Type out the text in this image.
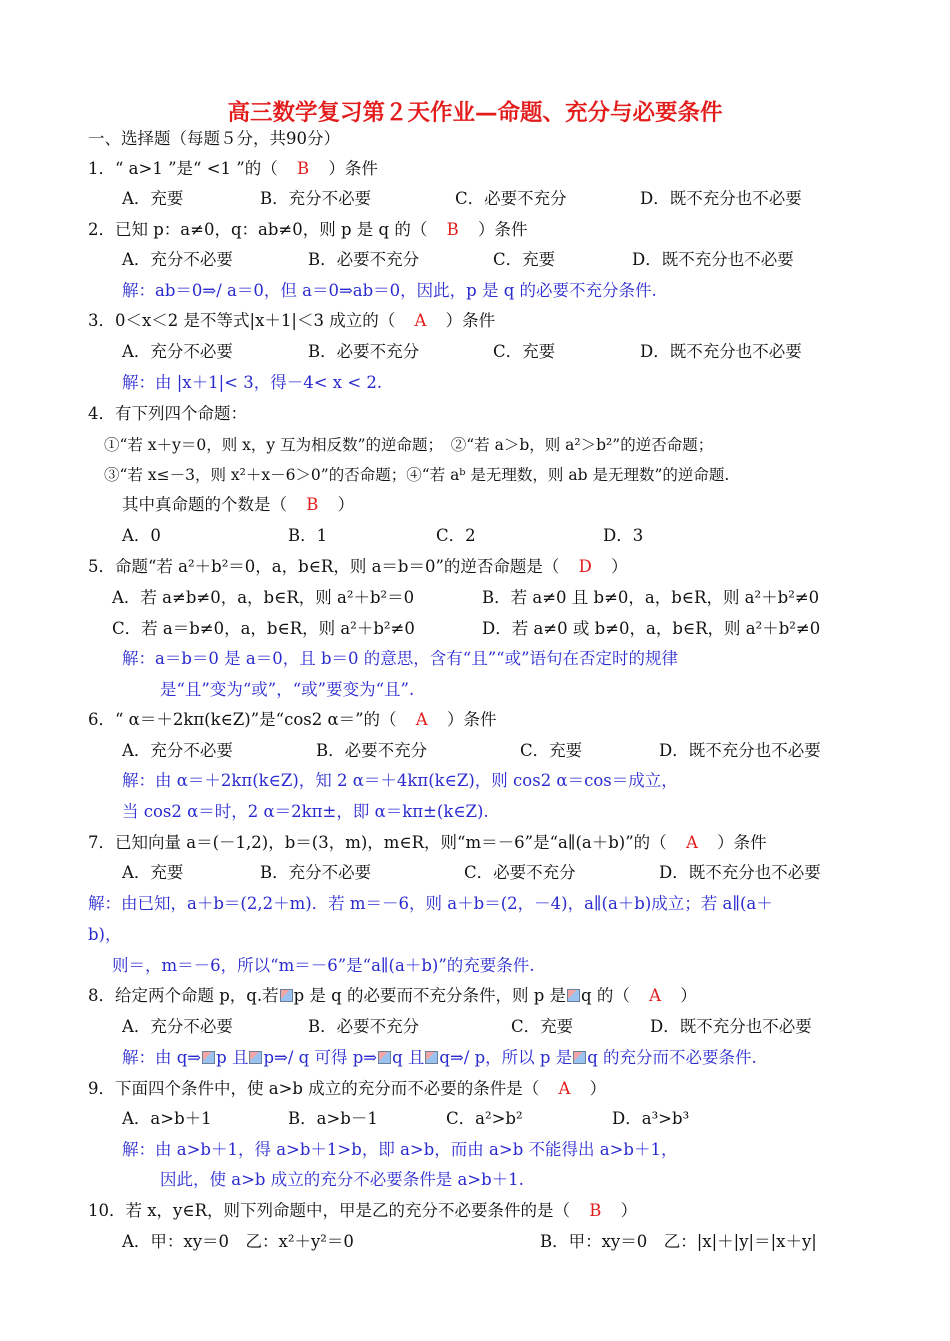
高三数学复习第２天作业—命题、充分与必要条件
一、选择题（每题５分，共90分）
1．“ a>1 ”是“ <1 ”的（ B ）条件
A．充要	B．充分不必要	C．必要不充分	D．既不充分也不必要
2．已知 p：a≠0，q：ab≠0，则 p 是 q 的（ B ）条件
A．充分不必要	B．必要不充分	C．充要	D．既不充分也不必要
解：ab＝0⇒/ a＝0，但 a＝0⇒ab＝0，因此，p 是 q 的必要不充分条件.
3．0＜x＜2 是不等式|x＋1|＜3 成立的（ A ）条件
A．充分不必要	B．必要不充分	C．充要	D．既不充分也不必要
解：由 |x＋1|< 3，得－4< x < 2.
4．有下列四个命题：
①“若 x＋y＝0，则 x，y 互为相反数”的逆命题；　②“若 a＞b，则 a²＞b²”的逆否命题；
③“若 x≤－3，则 x²＋x－6＞0”的否命题；④“若 aᵇ 是无理数，则 ab 是无理数”的逆命题.
其中真命题的个数是（ B ）
A．0	B．1	C．2	D．3
5．命题“若 a²＋b²＝0，a，b∈R，则 a＝b＝0”的逆否命题是（ D ）
A．若 a≠b≠0，a，b∈R，则 a²＋b²＝0	B．若 a≠0 且 b≠0，a，b∈R，则 a²＋b²≠0
C．若 a＝b≠0，a，b∈R，则 a²＋b²≠0	D．若 a≠0 或 b≠0，a，b∈R，则 a²＋b²≠0
解：a＝b＝0 是 a＝0，且 b＝0 的意思，含有“且”“或”语句在否定时的规律
是“且”变为“或”，“或”要变为“且”.
6．“ α＝＋2kπ(k∈Z)”是“cos2 α＝”的（ A ）条件
A．充分不必要	B．必要不充分	C．充要	D．既不充分也不必要
解：由 α＝＋2kπ(k∈Z)，知 2 α＝＋4kπ(k∈Z)，则 cos2 α＝cos＝成立，
当 cos2 α＝时，2 α＝2kπ±，即 α＝kπ±(k∈Z).
7．已知向量 a＝(－1,2)，b＝(3，m)，m∈R，则“m＝－6”是“a∥(a＋b)”的（ A ）条件
A．充要	B．充分不必要	C．必要不充分	D．既不充分也不必要
解：由已知，a＋b＝(2,2＋m)．若 m＝－6，则 a＋b＝(2，－4)，a∥(a＋b)成立；若 a∥(a＋
b)，
则＝，m＝－6，所以“m＝－6”是“a∥(a＋b)”的充要条件.
8．给定两个命题 p，q.若 p 是 q 的必要而不充分条件，则 p 是 q 的（ A ）
A．充分不必要	B．必要不充分	C．充要	D．既不充分也不必要
解：由 q⇒ p 且 p⇒/ q 可得 p⇒ q 且 q⇒/ p，所以 p 是 q 的充分而不必要条件.
9．下面四个条件中，使 a>b 成立的充分而不必要的条件是（ A ）
A．a>b＋1	B．a>b－1	C．a²>b²	D．a³>b³
解：由 a>b＋1，得 a>b＋1>b，即 a>b，而由 a>b 不能得出 a>b＋1，
因此，使 a>b 成立的充分不必要条件是 a>b＋1.
10．若 x，y∈R，则下列命题中，甲是乙的充分不必要条件的是（ B ）
A．甲：xy＝0　乙：x²＋y²＝0	B．甲：xy＝0　乙：|x|＋|y|＝|x＋y|
